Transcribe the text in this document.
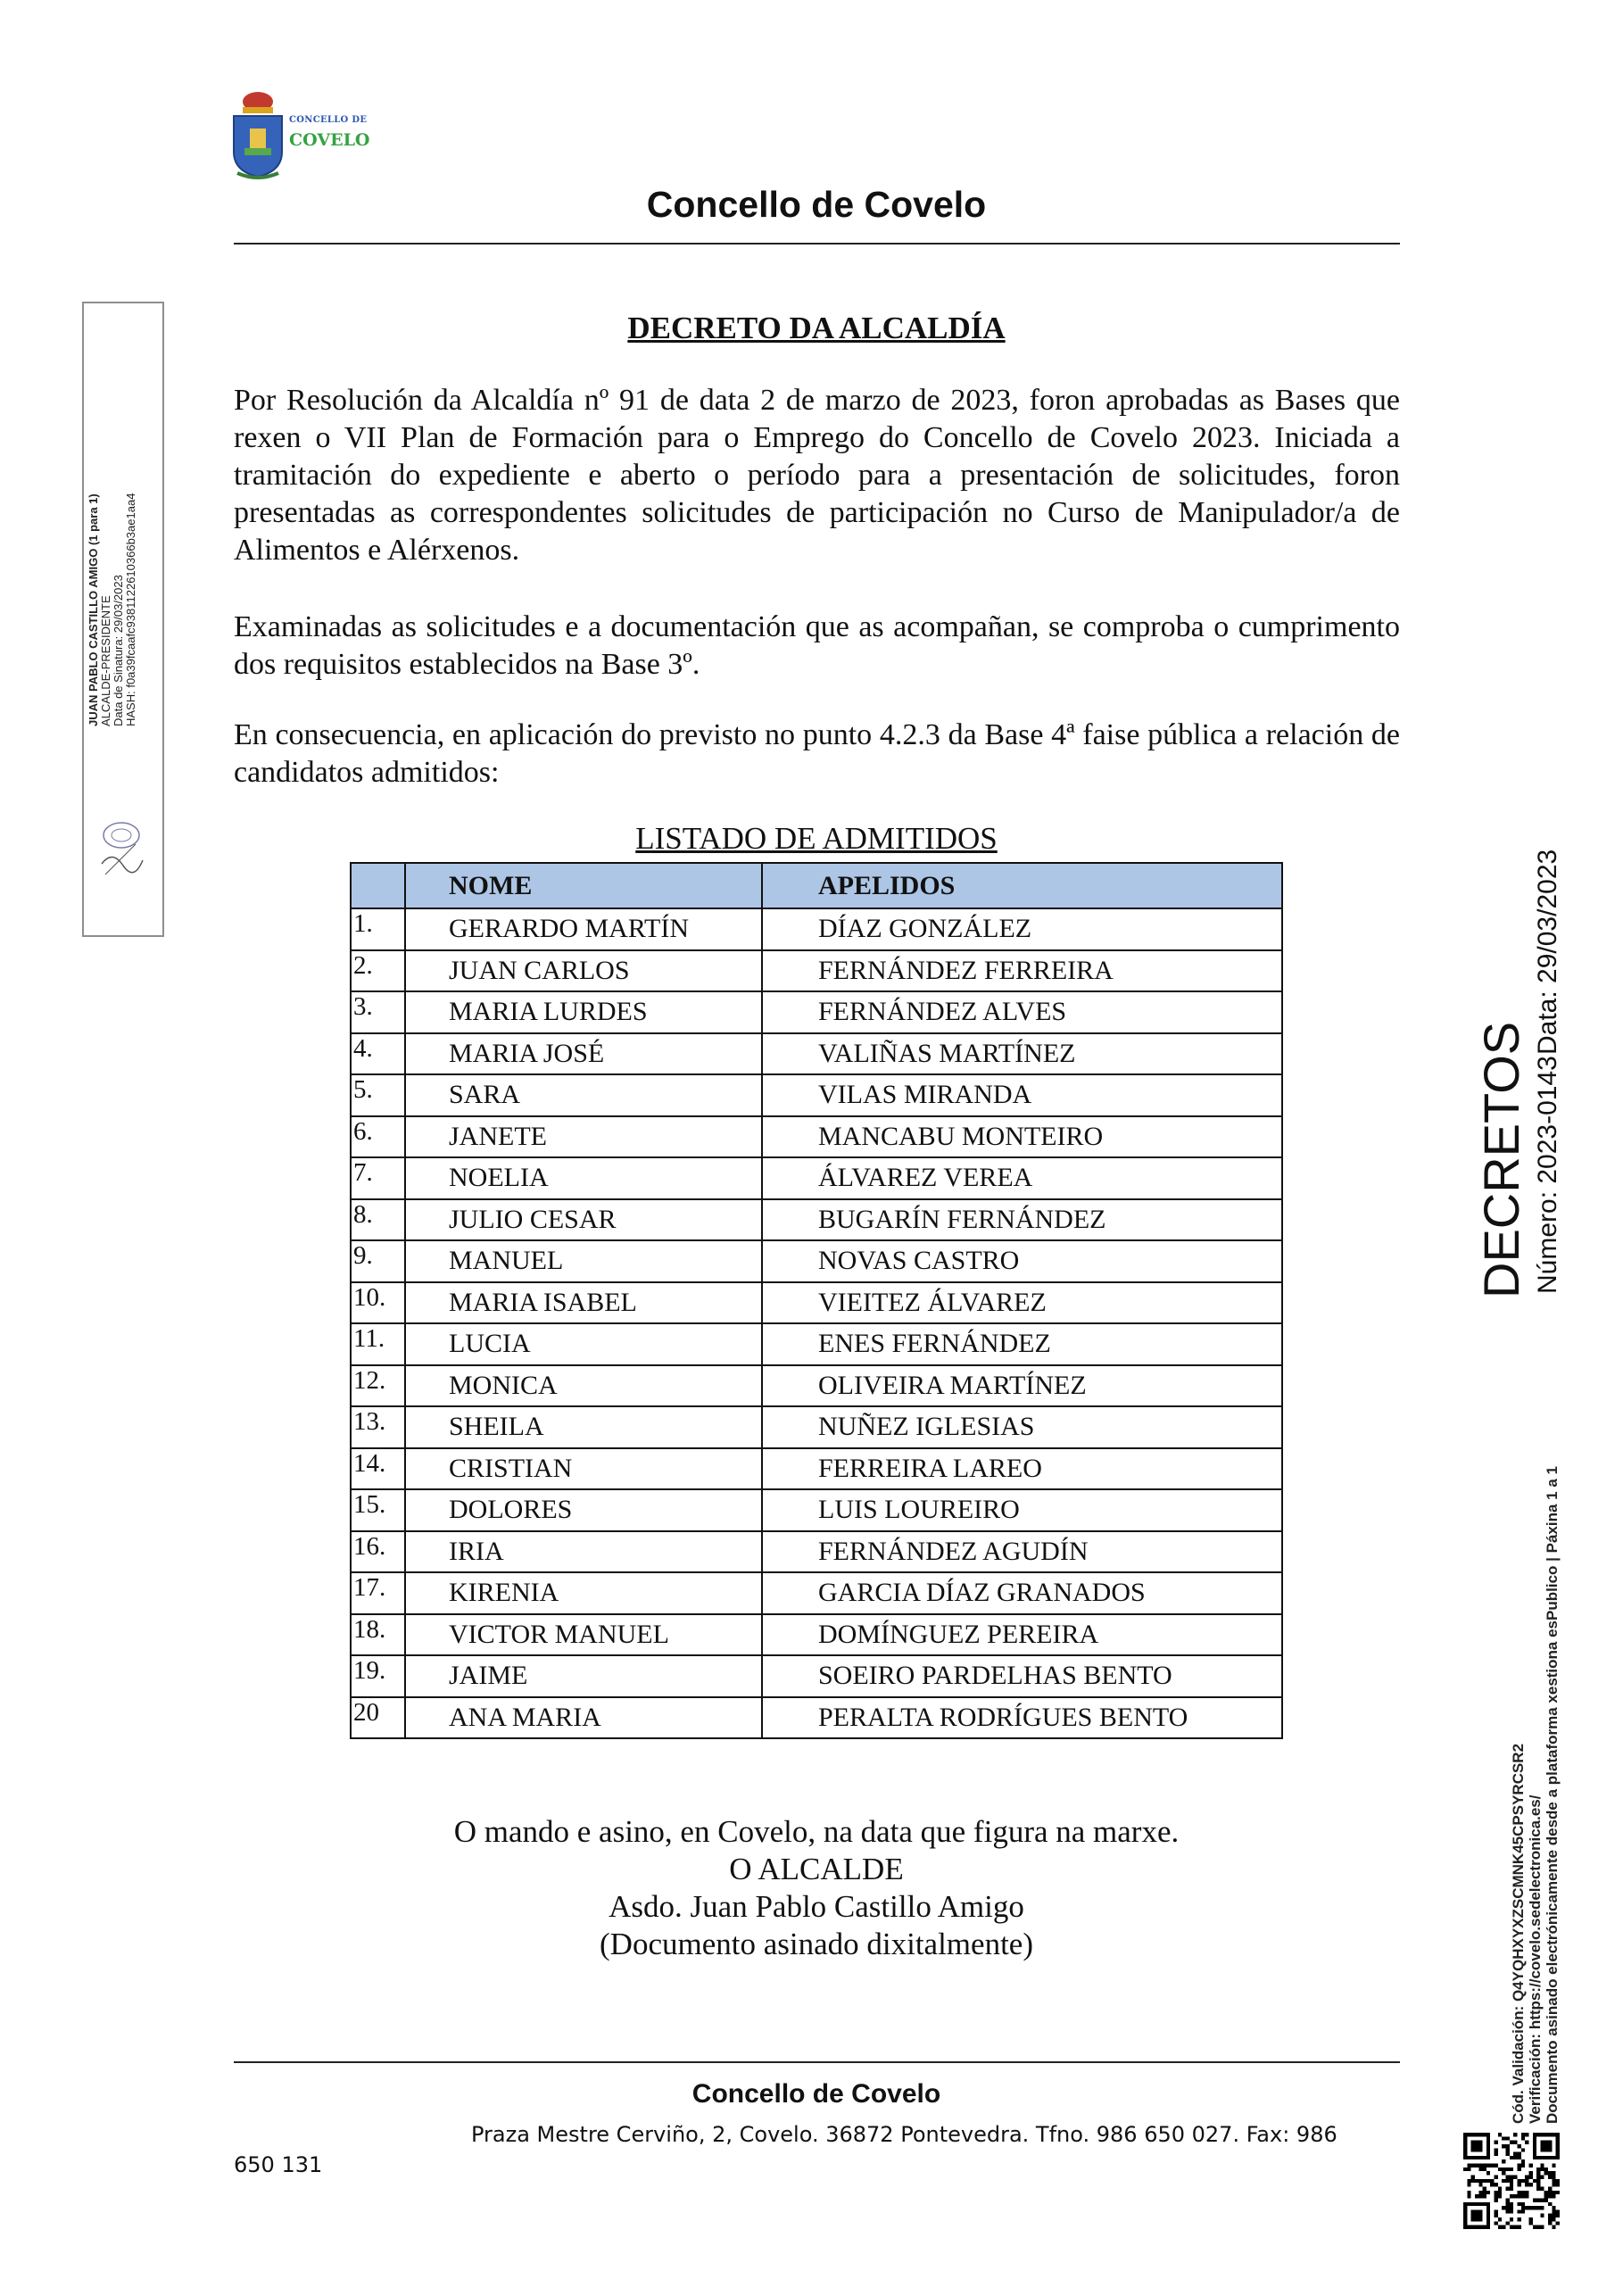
CONCELLO DE
COVELO
Concello de Covelo
JUAN PABLO CASTILLO AMIGO (1 para 1) ALCALDE-PRESIDENTE Data de Sinatura: 29/03/2023 HASH: f0a39fcaafc9381122610366b3ae1aa4
DECRETO DA ALCALDÍA
Por Resolución da Alcaldía nº 91 de data 2 de marzo de 2023, foron aprobadas as Bases que rexen o VII Plan de Formación para o Emprego do Concello de Covelo 2023. Iniciada a tramitación do expediente e aberto o período para a presentación de solicitudes, foron presentadas as correspondentes solicitudes de participación no Curso de Manipulador/a de Alimentos e Alérxenos.
Examinadas as solicitudes e a documentación que as acompañan, se comproba o cumprimento dos requisitos establecidos na Base 3º.
En consecuencia, en aplicación do previsto no punto 4.2.3 da Base 4ª faise pública a relación de candidatos admitidos:
LISTADO DE ADMITIDOS
	NOME	APELIDOS
1.	GERARDO MARTÍN	DÍAZ GONZÁLEZ
2.	JUAN CARLOS	FERNÁNDEZ FERREIRA
3.	MARIA LURDES	FERNÁNDEZ ALVES
4.	MARIA JOSÉ	VALIÑAS MARTÍNEZ
5.	SARA	VILAS MIRANDA
6.	JANETE	MANCABU MONTEIRO
7.	NOELIA	ÁLVAREZ VEREA
8.	JULIO CESAR	BUGARÍN FERNÁNDEZ
9.	MANUEL	NOVAS CASTRO
10.	MARIA ISABEL	VIEITEZ ÁLVAREZ
11.	LUCIA	ENES FERNÁNDEZ
12.	MONICA	OLIVEIRA MARTÍNEZ
13.	SHEILA	NUÑEZ IGLESIAS
14.	CRISTIAN	FERREIRA LAREO
15.	DOLORES	LUIS LOUREIRO
16.	IRIA	FERNÁNDEZ AGUDÍN
17.	KIRENIA	GARCIA DÍAZ GRANADOS
18.	VICTOR MANUEL	DOMÍNGUEZ PEREIRA
19.	JAIME	SOEIRO PARDELHAS BENTO
20	ANA MARIA	PERALTA RODRÍGUES BENTO
O mando e asino, en Covelo, na data que figura na marxe.
O ALCALDE
Asdo. Juan Pablo Castillo Amigo
(Documento asinado dixitalmente)
Concello de Covelo
Praza Mestre Cerviño, 2, Covelo. 36872 Pontevedra. Tfno. 986 650 027. Fax: 986
650 131
DECRETOS Número: 2023-0143
Data: 29/03/2023
Cód. Validación: Q4YQHXYXZSCMNK45CPSYRCSR2 Verificación: https://covelo.sedelectronica.es/ Documento asinado electrónicamente desde a plataforma xestiona esPublico | Páxina 1 a 1
